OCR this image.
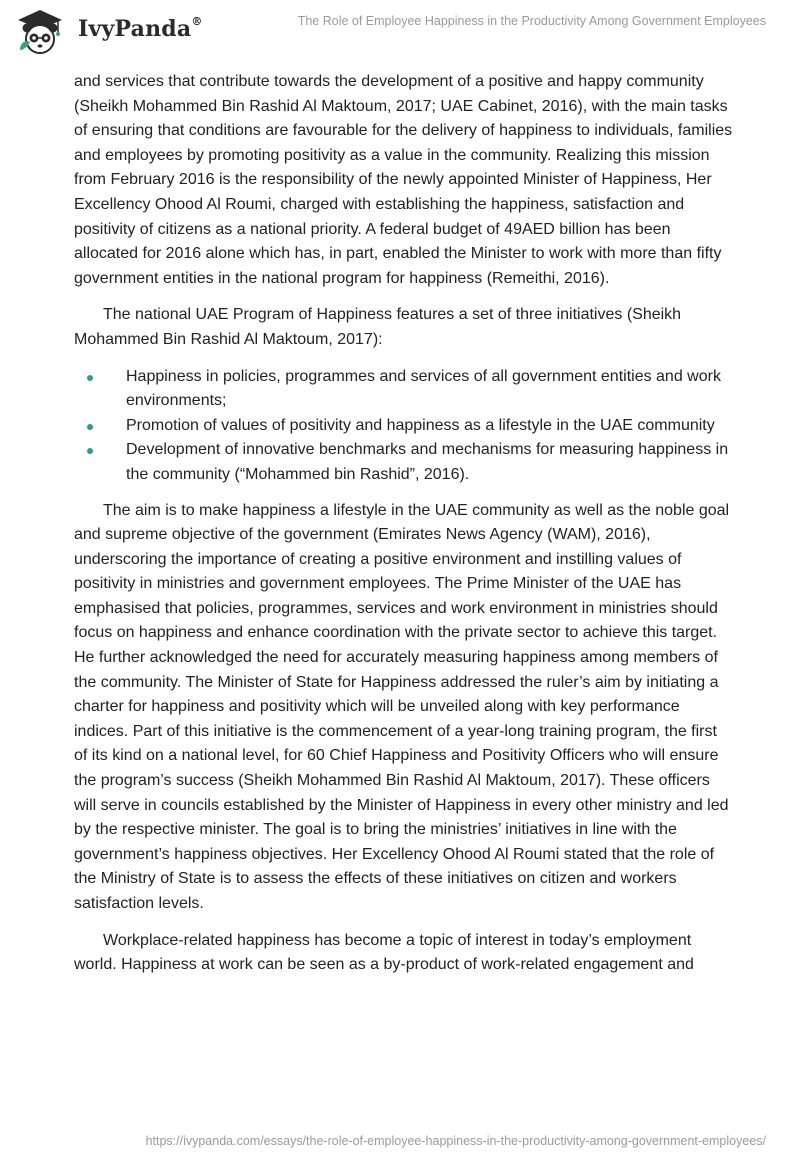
IvyPanda®	The Role of Employee Happiness in the Productivity Among Government Employees

and services that contribute towards the development of a positive and happy community (Sheikh Mohammed Bin Rashid Al Maktoum, 2017; UAE Cabinet, 2016), with the main tasks of ensuring that conditions are favourable for the delivery of happiness to individuals, families and employees by promoting positivity as a value in the community. Realizing this mission from February 2016 is the responsibility of the newly appointed Minister of Happiness, Her Excellency Ohood Al Roumi, charged with establishing the happiness, satisfaction and positivity of citizens as a national priority. A federal budget of 49AED billion has been allocated for 2016 alone which has, in part, enabled the Minister to work with more than fifty government entities in the national program for happiness (Remeithi, 2016).

The national UAE Program of Happiness features a set of three initiatives (Sheikh Mohammed Bin Rashid Al Maktoum, 2017):

Happiness in policies, programmes and services of all government entities and work environments;
Promotion of values of positivity and happiness as a lifestyle in the UAE community
Development of innovative benchmarks and mechanisms for measuring happiness in the community (“Mohammed bin Rashid”, 2016).

The aim is to make happiness a lifestyle in the UAE community as well as the noble goal and supreme objective of the government (Emirates News Agency (WAM), 2016), underscoring the importance of creating a positive environment and instilling values of positivity in ministries and government employees. The Prime Minister of the UAE has emphasised that policies, programmes, services and work environment in ministries should focus on happiness and enhance coordination with the private sector to achieve this target. He further acknowledged the need for accurately measuring happiness among members of the community. The Minister of State for Happiness addressed the ruler’s aim by initiating a charter for happiness and positivity which will be unveiled along with key performance indices. Part of this initiative is the commencement of a year-long training program, the first of its kind on a national level, for 60 Chief Happiness and Positivity Officers who will ensure the program’s success (Sheikh Mohammed Bin Rashid Al Maktoum, 2017). These officers will serve in councils established by the Minister of Happiness in every other ministry and led by the respective minister. The goal is to bring the ministries’ initiatives in line with the government’s happiness objectives. Her Excellency Ohood Al Roumi stated that the role of the Ministry of State is to assess the effects of these initiatives on citizen and workers satisfaction levels.

Workplace-related happiness has become a topic of interest in today’s employment world. Happiness at work can be seen as a by-product of work-related engagement and

https://ivypanda.com/essays/the-role-of-employee-happiness-in-the-productivity-among-government-employees/
